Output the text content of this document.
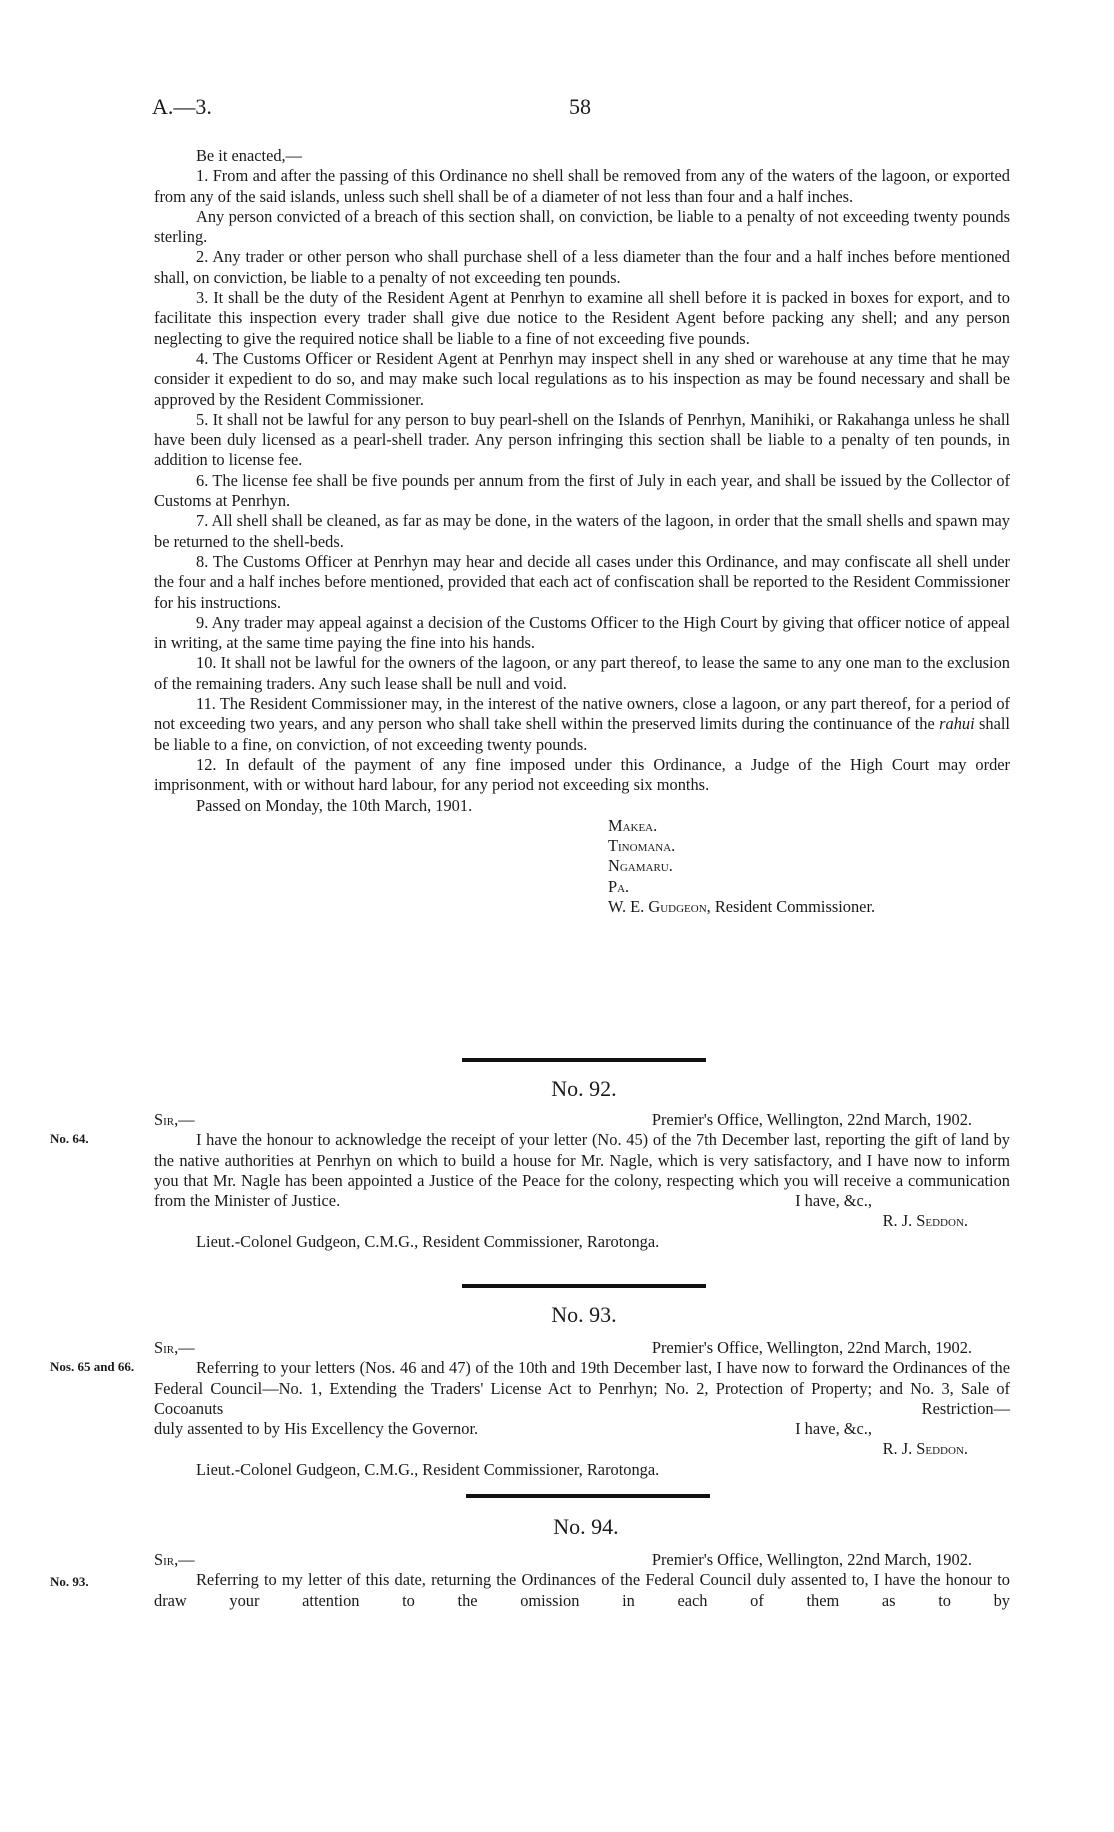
A.—3.	58

Be it enacted,—

1. From and after the passing of this Ordinance no shell shall be removed from any of the waters of the lagoon, or exported from any of the said islands, unless such shell shall be of a diameter of not less than four and a half inches.

Any person convicted of a breach of this section shall, on conviction, be liable to a penalty of not exceeding twenty pounds sterling.

2. Any trader or other person who shall purchase shell of a less diameter than the four and a half inches before mentioned shall, on conviction, be liable to a penalty of not exceeding ten pounds.

3. It shall be the duty of the Resident Agent at Penrhyn to examine all shell before it is packed in boxes for export, and to facilitate this inspection every trader shall give due notice to the Resident Agent before packing any shell; and any person neglecting to give the required notice shall be liable to a fine of not exceeding five pounds.

4. The Customs Officer or Resident Agent at Penrhyn may inspect shell in any shed or warehouse at any time that he may consider it expedient to do so, and may make such local regulations as to his inspection as may be found necessary and shall be approved by the Resident Commissioner.

5. It shall not be lawful for any person to buy pearl-shell on the Islands of Penrhyn, Manihiki, or Rakahanga unless he shall have been duly licensed as a pearl-shell trader. Any person infringing this section shall be liable to a penalty of ten pounds, in addition to license fee.

6. The license fee shall be five pounds per annum from the first of July in each year, and shall be issued by the Collector of Customs at Penrhyn.

7. All shell shall be cleaned, as far as may be done, in the waters of the lagoon, in order that the small shells and spawn may be returned to the shell-beds.

8. The Customs Officer at Penrhyn may hear and decide all cases under this Ordinance, and may confiscate all shell under the four and a half inches before mentioned, provided that each act of confiscation shall be reported to the Resident Commissioner for his instructions.

9. Any trader may appeal against a decision of the Customs Officer to the High Court by giving that officer notice of appeal in writing, at the same time paying the fine into his hands.

10. It shall not be lawful for the owners of the lagoon, or any part thereof, to lease the same to any one man to the exclusion of the remaining traders. Any such lease shall be null and void.

11. The Resident Commissioner may, in the interest of the native owners, close a lagoon, or any part thereof, for a period of not exceeding two years, and any person who shall take shell within the preserved limits during the continuance of the rahui shall be liable to a fine, on conviction, of not exceeding twenty pounds.

12. In default of the payment of any fine imposed under this Ordinance, a Judge of the High Court may order imprisonment, with or without hard labour, for any period not exceeding six months.

Passed on Monday, the 10th March, 1901.

Makea.

Tinomana.

Ngamaru.

Pa.

W. E. Gudgeon, Resident Commissioner.

No. 92.
No. 64.
Sir,—	Premier's Office, Wellington, 22nd March, 1902.

I have the honour to acknowledge the receipt of your letter (No. 45) of the 7th December last, reporting the gift of land by the native authorities at Penrhyn on which to build a house for Mr. Nagle, which is very satisfactory, and I have now to inform you that Mr. Nagle has been appointed a Justice of the Peace for the colony, respecting which you will receive a communication

from the Minister of Justice.	I have, &c.,
R. J. Seddon.

Lieut.-Colonel Gudgeon, C.M.G., Resident Commissioner, Rarotonga.

No. 93.
Nos. 65 and 66.
Sir,—	Premier's Office, Wellington, 22nd March, 1902.

Referring to your letters (Nos. 46 and 47) of the 10th and 19th December last, I have now to forward the Ordinances of the Federal Council—No. 1, Extending the Traders' License Act to Penrhyn; No. 2, Protection of Property; and No. 3, Sale of Cocoanuts Restriction—

duly assented to by His Excellency the Governor.	I have, &c.,
R. J. Seddon.

Lieut.-Colonel Gudgeon, C.M.G., Resident Commissioner, Rarotonga.

No. 94.
No. 93.
Sir,—	Premier's Office, Wellington, 22nd March, 1902.

Referring to my letter of this date, returning the Ordinances of the Federal Council duly assented to, I have the honour to draw your attention to the omission in each of them as to by
